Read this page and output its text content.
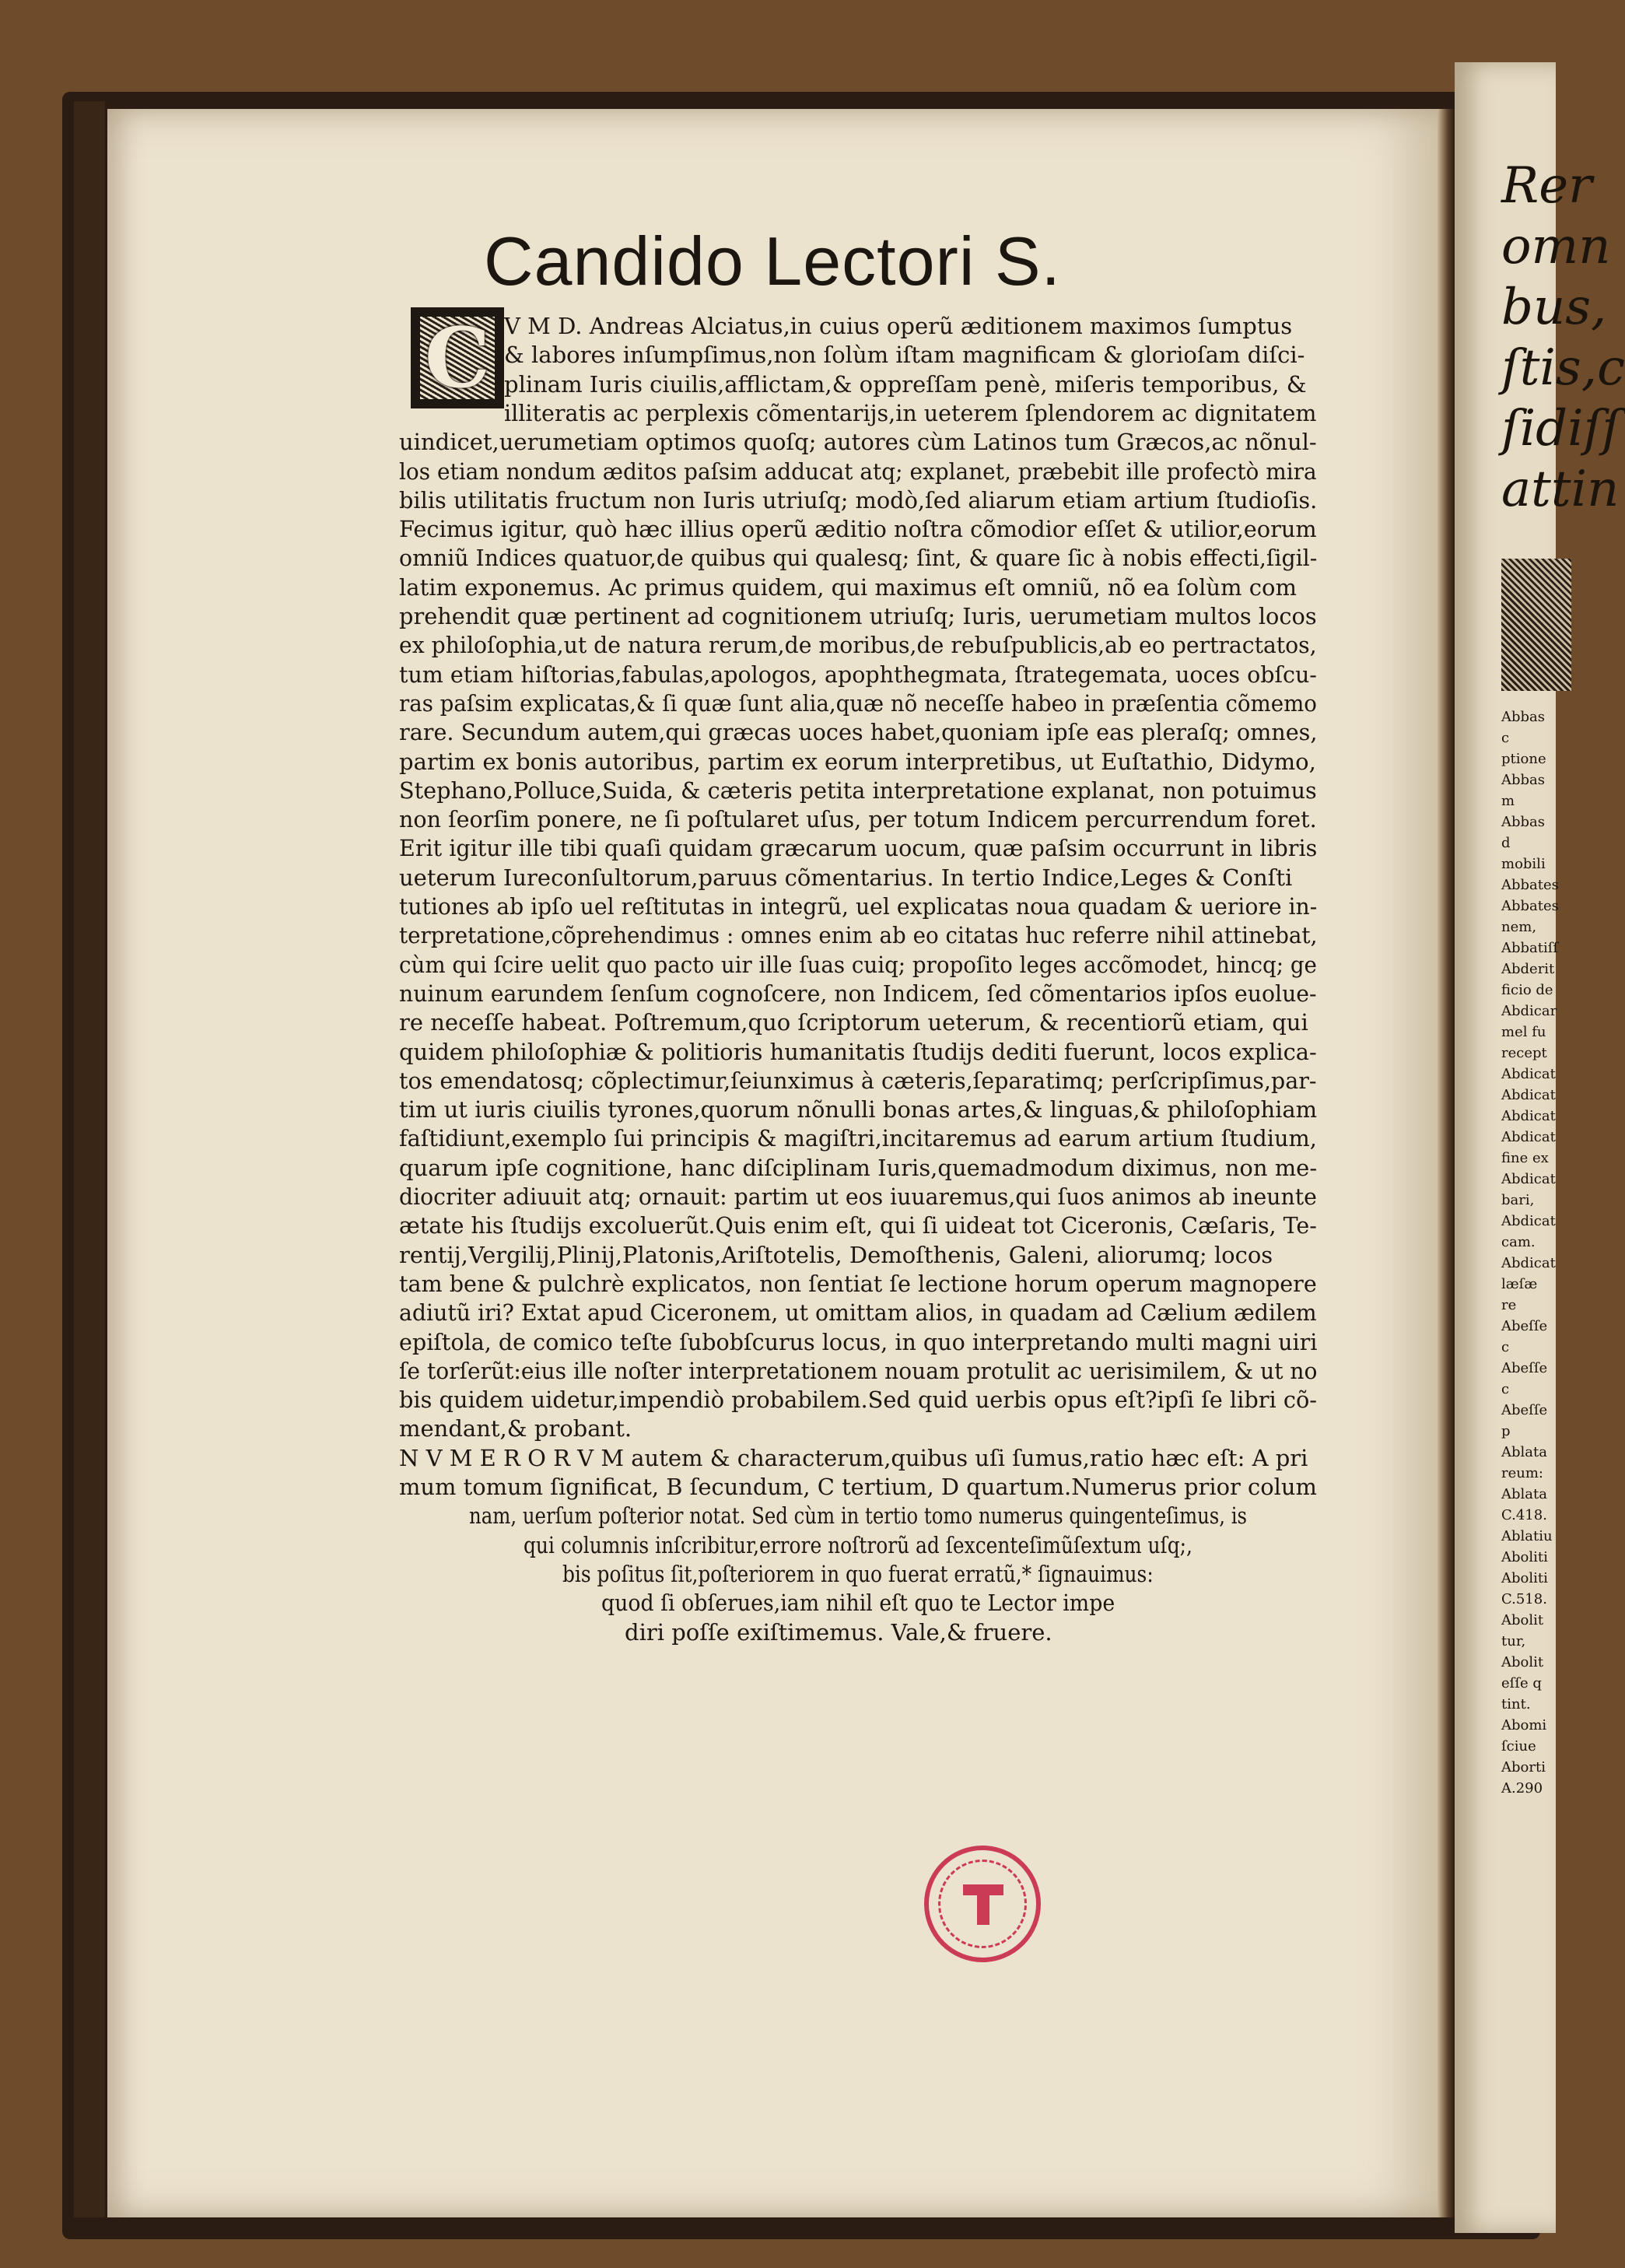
Candido Lectori S.
C V M D. Andreas Alciatus,in cuius operũ æditionem maximos ſumptus
& labores inſumpſimus,non ſolùm iſtam magnificam & glorioſam diſci-
plinam Iuris ciuilis,afflictam,& oppreſſam penè, miſeris temporibus, &
illiteratis ac perplexis cõmentarijs,in ueterem ſplendorem ac dignitatem
uindicet,uerumetiam optimos quoſq; autores cùm Latinos tum Græcos,ac nõnul-
los etiam nondum æditos paſsim adducat atq; explanet, præbebit ille profectò mira
bilis utilitatis fructum non Iuris utriuſq; modò,ſed aliarum etiam artium ſtudioſis.
Fecimus igitur, quò hæc illius operũ æditio noſtra cõmodior eſſet & utilior,eorum
omniũ Indices quatuor,de quibus qui qualesq; ſint, & quare ſic à nobis effecti,ſigil-
latim exponemus. Ac primus quidem, qui maximus eſt omniũ, nõ ea ſolùm com
prehendit quæ pertinent ad cognitionem utriuſq; Iuris, uerumetiam multos locos
ex philoſophia,ut de natura rerum,de moribus,de rebuſpublicis,ab eo pertractatos,
tum etiam hiſtorias,fabulas,apologos, apophthegmata, ſtrategemata, uoces obſcu-
ras paſsim explicatas,& ſi quæ ſunt alia,quæ nõ neceſſe habeo in præſentia cõmemo
rare. Secundum autem,qui græcas uoces habet,quoniam ipſe eas pleraſq; omnes,
partim ex bonis autoribus, partim ex eorum interpretibus, ut Euſtathio, Didymo,
Stephano,Polluce,Suida, & cæteris petita interpretatione explanat, non potuimus
non ſeorſim ponere, ne ſi poſtularet uſus, per totum Indicem percurrendum foret.
Erit igitur ille tibi quaſi quidam græcarum uocum, quæ paſsim occurrunt in libris
ueterum Iureconſultorum,paruus cõmentarius. In tertio Indice,Leges & Conſti
tutiones ab ipſo uel reſtitutas in integrũ, uel explicatas noua quadam & ueriore in-
terpretatione,cõprehendimus : omnes enim ab eo citatas huc referre nihil attinebat,
cùm qui ſcire uelit quo pacto uir ille ſuas cuiq; propoſito leges accõmodet, hincq; ge
nuinum earundem ſenſum cognoſcere, non Indicem, ſed cõmentarios ipſos euolue-
re neceſſe habeat. Poſtremum,quo ſcriptorum ueterum, & recentiorũ etiam, qui
quidem philoſophiæ & politioris humanitatis ſtudijs dediti fuerunt, locos explica-
tos emendatosq; cõplectimur,ſeiunximus à cæteris,ſeparatimq; perſcripſimus,par-
tim ut iuris ciuilis tyrones,quorum nõnulli bonas artes,& linguas,& philoſophiam
faſtidiunt,exemplo ſui principis & magiſtri,incitaremus ad earum artium ſtudium,
quarum ipſe cognitione, hanc diſciplinam Iuris,quemadmodum diximus, non me-
diocriter adiuuit atq; ornauit: partim ut eos iuuaremus,qui ſuos animos ab ineunte
ætate his ſtudijs excoluerũt.Quis enim eſt, qui ſi uideat tot Ciceronis, Cæſaris, Te-
rentij,Vergilij,Plinij,Platonis,Ariſtotelis, Demoſthenis, Galeni, aliorumq; locos
tam bene & pulchrè explicatos, non ſentiat ſe lectione horum operum magnopere
adiutũ iri? Extat apud Ciceronem, ut omittam alios, in quadam ad Cælium ædilem
epiſtola, de comico teſte ſubobſcurus locus, in quo interpretando multi magni uiri
ſe torſerũt:eius ille noſter interpretationem nouam protulit ac uerisimilem, & ut no
bis quidem uidetur,impendiò probabilem.Sed quid uerbis opus eſt?ipſi ſe libri cõ-
mendant,& probant.
N V M E R O R V M autem & characterum,quibus uſi ſumus,ratio hæc eſt: A pri
mum tomum ſignificat, B ſecundum, C tertium, D quartum.Numerus prior colum
nam, uerſum poſterior notat. Sed cùm in tertio tomo numerus quingenteſimus, is
qui columnis inſcribitur,errore noſtrorũ ad ſexcenteſimũſextum uſq;,
bis poſitus ſit,poſteriorem in quo fuerat erratũ,* ſignauimus:
quod ſi obſerues,iam nihil eſt quo te Lector impe
diri poſſe exiſtimemus. Vale,& fruere.
Rer
omn
bus,
ſtis,c
ſidiſſ
attin
Abbas c
ptione
Abbas m
Abbas d
mobili
Abbates
Abbates
nem,
Abbatiſſ
Abderit
ficio de
Abdicar
mel fu
recept
Abdicat
Abdicat
Abdicat
Abdicat
fine ex
Abdicat
bari,
Abdicat
cam.
Abdicat
læſæ re
Abeſſe c
Abeſſe c
Abeſſe p
Ablata
reum:
Ablata
C.418.
Ablatiu
Aboliti
Aboliti
C.518.
Abolit
tur,
Abolit
eſſe q
tint.
Abomi
ſciue
Aborti
A.290
